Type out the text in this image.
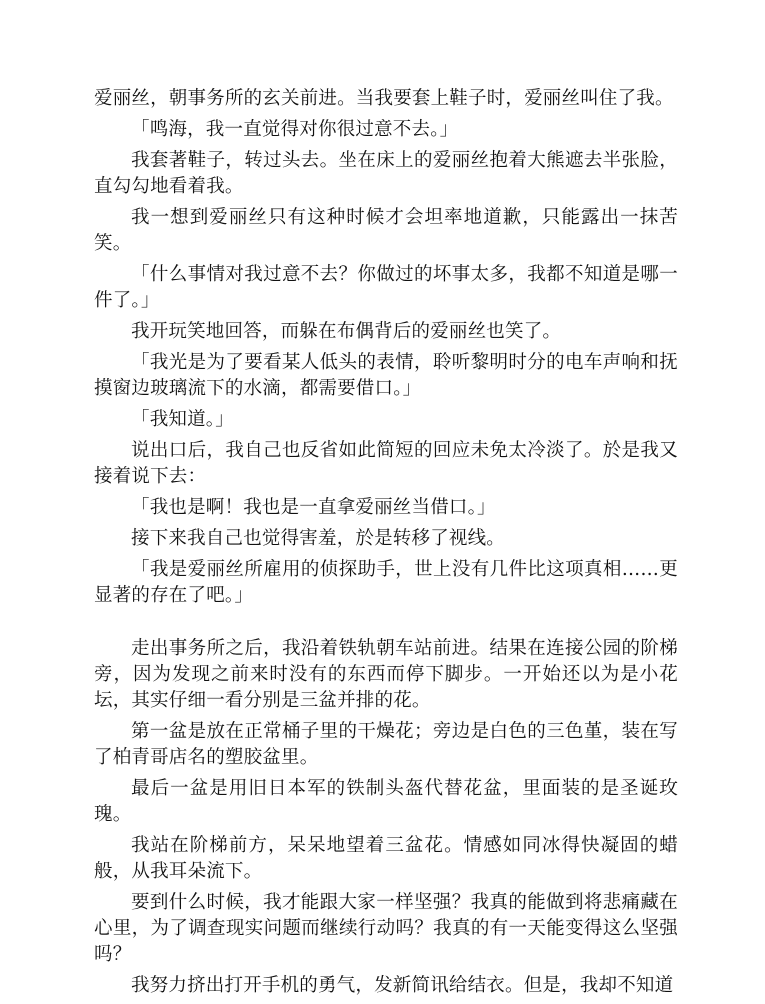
爱丽丝，朝事务所的玄关前进。当我要套上鞋子时，爱丽丝叫住了我。

「鸣海，我一直觉得对你很过意不去。」

我套著鞋子，转过头去。坐在床上的爱丽丝抱着大熊遮去半张脸，直勾勾地看着我。

我一想到爱丽丝只有这种时候才会坦率地道歉，只能露出一抹苦笑。

「什么事情对我过意不去？你做过的坏事太多，我都不知道是哪一件了。」

我开玩笑地回答，而躲在布偶背后的爱丽丝也笑了。

「我光是为了要看某人低头的表情，聆听黎明时分的电车声响和抚摸窗边玻璃流下的水滴，都需要借口。」

「我知道。」

说出口后，我自己也反省如此简短的回应未免太冷淡了。於是我又接着说下去：

「我也是啊！我也是一直拿爱丽丝当借口。」

接下来我自己也觉得害羞，於是转移了视线。

「我是爱丽丝所雇用的侦探助手，世上没有几件比这项真相……更显著的存在了吧。」

走出事务所之后，我沿着铁轨朝车站前进。结果在连接公园的阶梯旁，因为发现之前来时没有的东西而停下脚步。一开始还以为是小花坛，其实仔细一看分别是三盆并排的花。

第一盆是放在正常桶子里的干燥花；旁边是白色的三色堇，装在写了柏青哥店名的塑胶盆里。

最后一盆是用旧日本军的铁制头盔代替花盆，里面装的是圣诞玫瑰。

我站在阶梯前方，呆呆地望着三盆花。情感如同冰得快凝固的蜡般，从我耳朵流下。

要到什么时候，我才能跟大家一样坚强？我真的能做到将悲痛藏在心里，为了调查现实问题而继续行动吗？我真的有一天能变得这么坚强吗？

我努力挤出打开手机的勇气，发新简讯给结衣。但是，我却不知道
